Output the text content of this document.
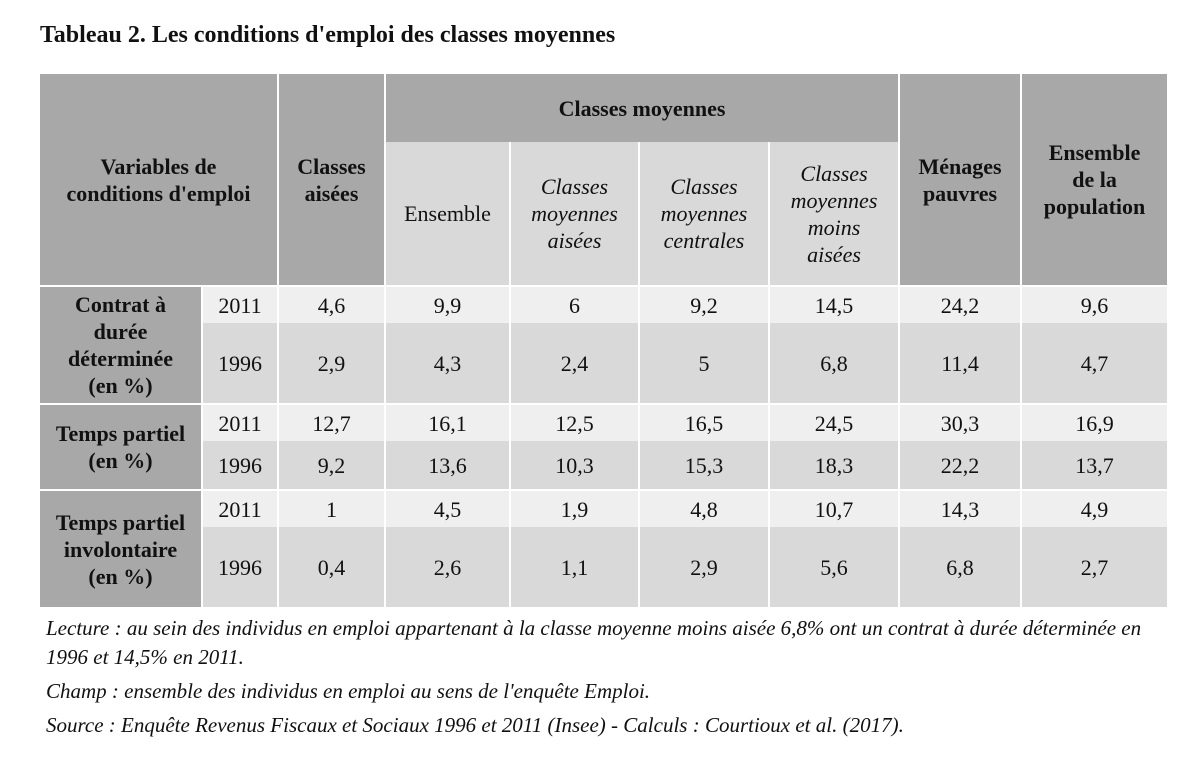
Tableau 2. Les conditions d'emploi des classes moyennes
Variables de conditions d'emploi		Classes aisées	Classes moyennes				Ménages pauvres	Ensemble de la population
			Ensemble	Classes moyennes aisées	Classes moyennes centrales	Classes moyennes moins aisées		
Contrat à durée déterminée (en %)	2011	4,6	9,9	6	9,2	14,5	24,2	9,6
	1996	2,9	4,3	2,4	5	6,8	11,4	4,7
Temps partiel (en %)	2011	12,7	16,1	12,5	16,5	24,5	30,3	16,9
	1996	9,2	13,6	10,3	15,3	18,3	22,2	13,7
Temps partiel involontaire (en %)	2011	1	4,5	1,9	4,8	10,7	14,3	4,9
	1996	0,4	2,6	1,1	2,9	5,6	6,8	2,7

Lecture : au sein des individus en emploi appartenant à la classe moyenne moins aisée 6,8% ont un contrat à durée déterminée en 1996 et 14,5% en 2011.

Champ : ensemble des individus en emploi au sens de l'enquête Emploi.

Source : Enquête Revenus Fiscaux et Sociaux 1996 et 2011 (Insee) - Calculs : Courtioux et al. (2017).
